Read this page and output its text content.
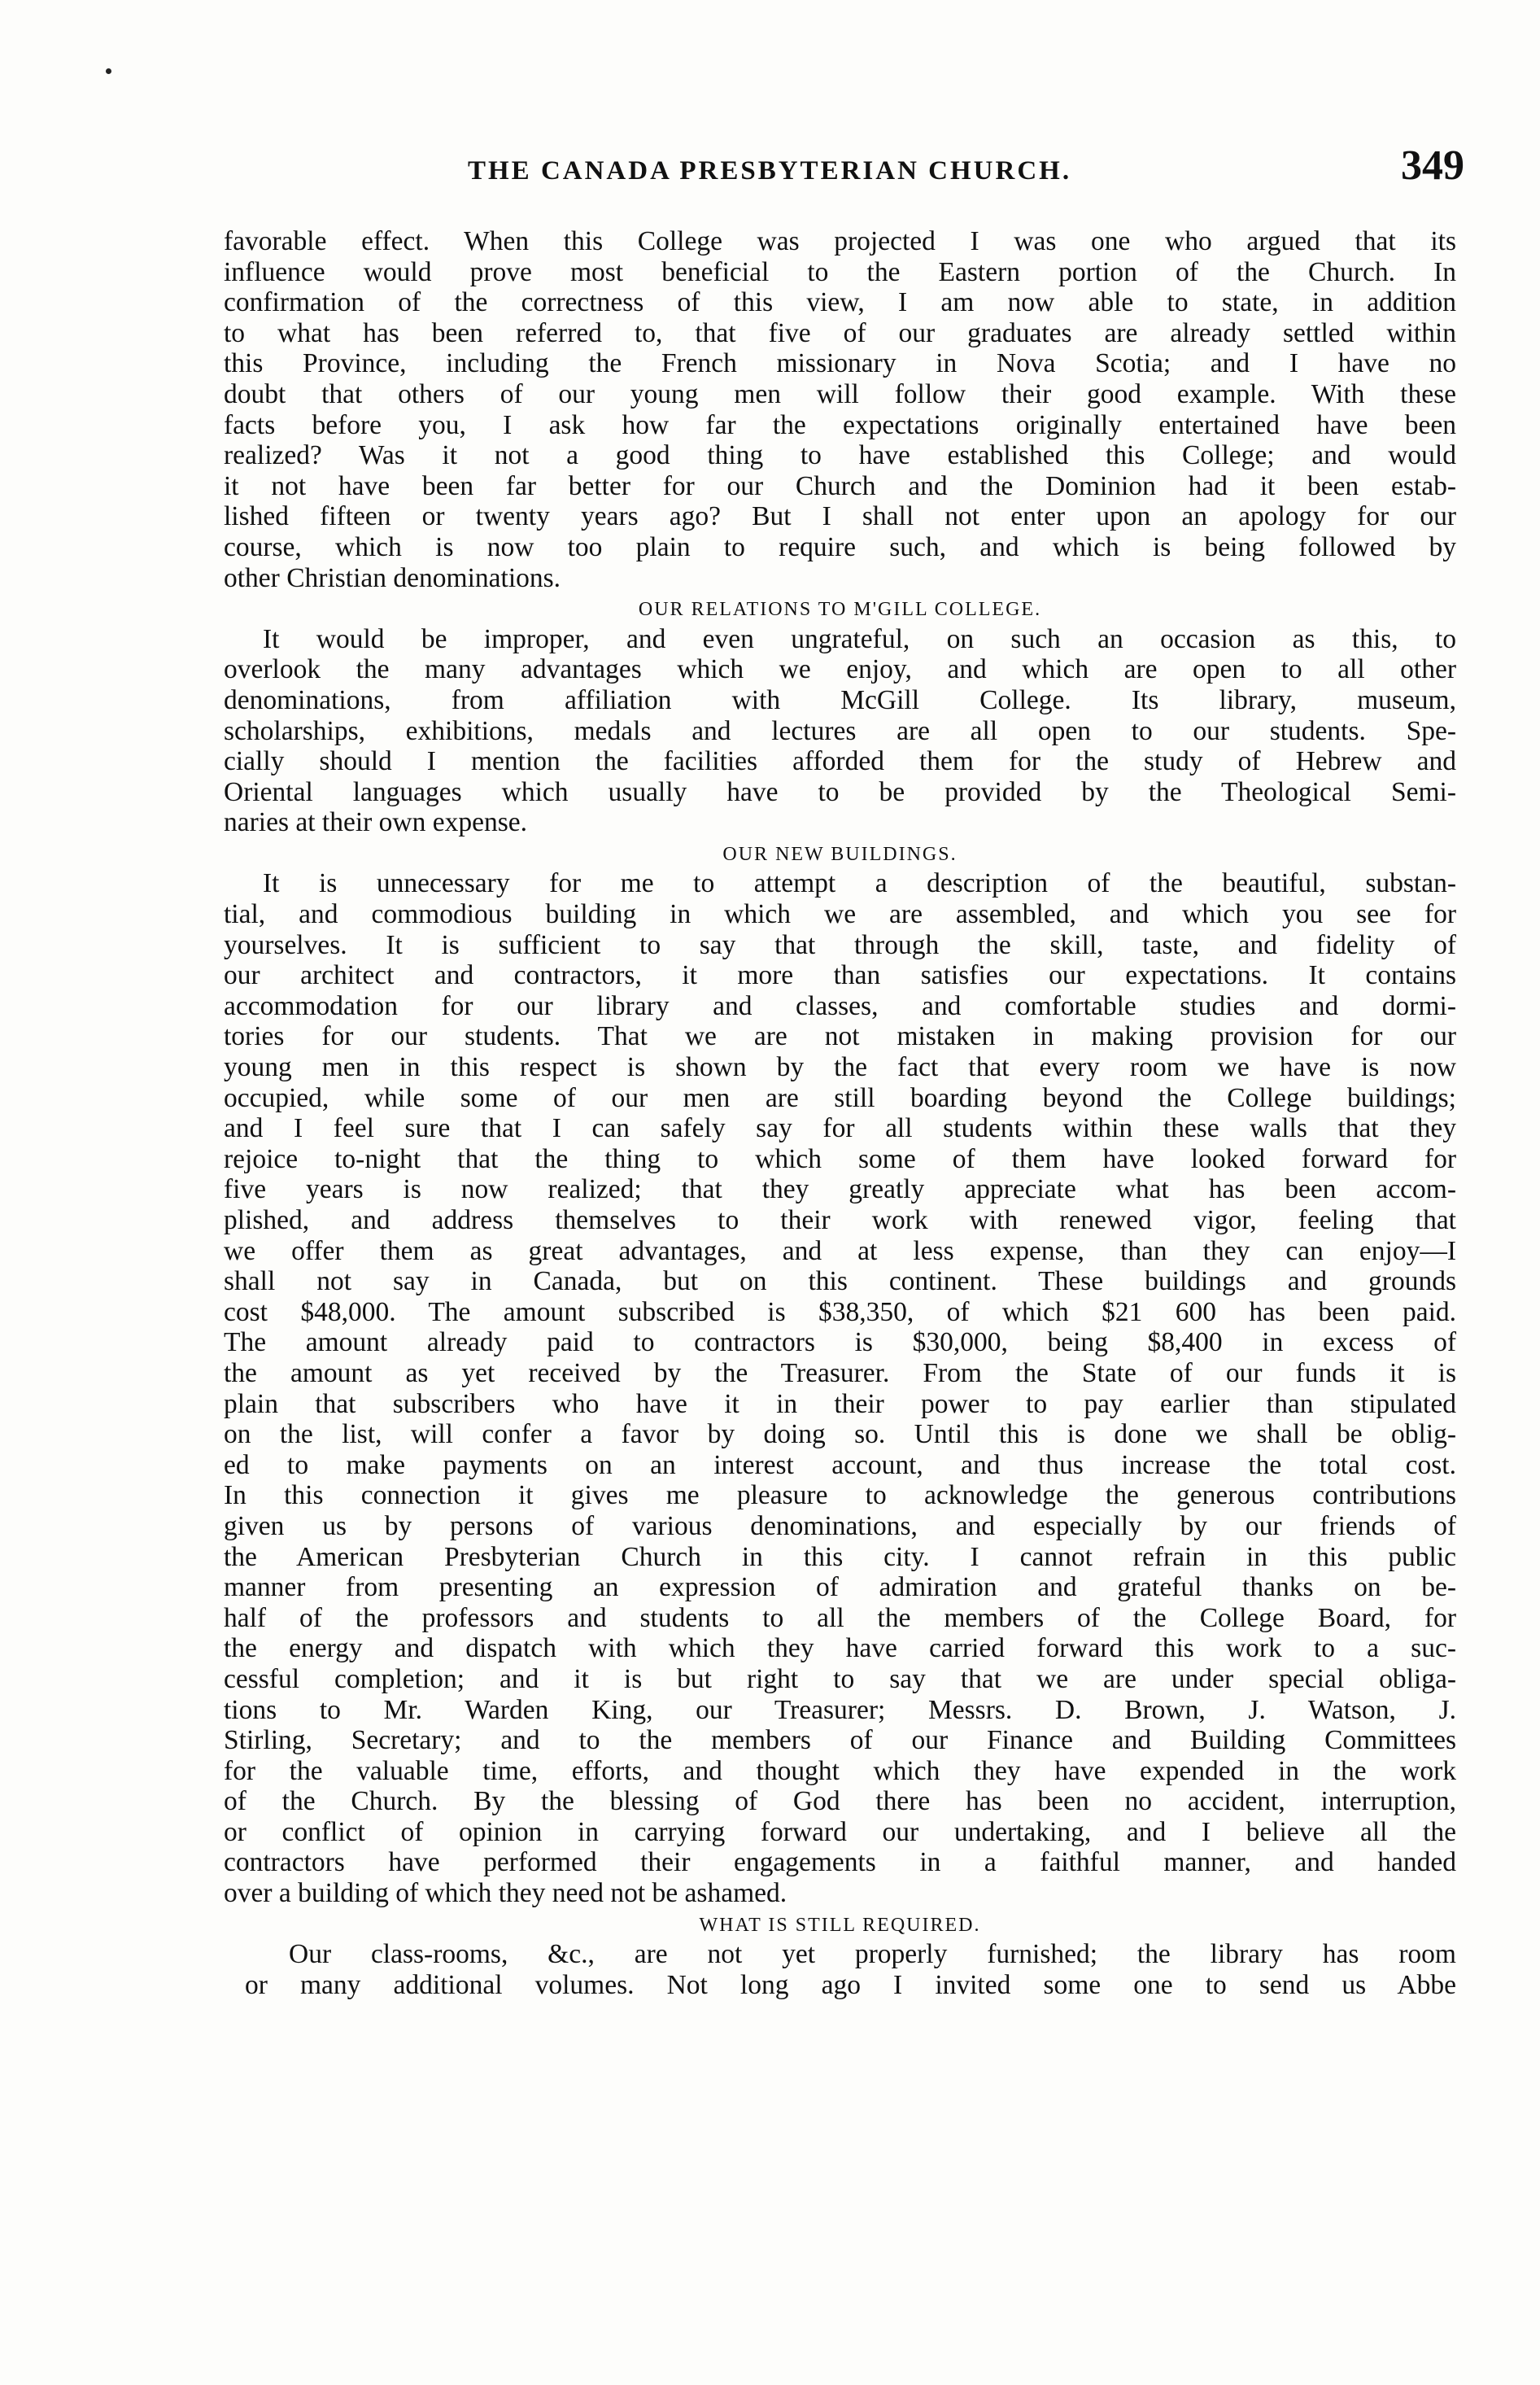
THE CANADA PRESBYTERIAN CHURCH.	349
favorable effect. When this College was projected I was one who argued that its
influence would prove most beneficial to the Eastern portion of the Church. In
confirmation of the correctness of this view, I am now able to state, in addition
to what has been referred to, that five of our graduates are already settled within
this Province, including the French missionary in Nova Scotia; and I have no
doubt that others of our young men will follow their good example. With these
facts before you, I ask how far the expectations originally entertained have been
realized? Was it not a good thing to have established this College; and would
it not have been far better for our Church and the Dominion had it been estab-
lished fifteen or twenty years ago? But I shall not enter upon an apology for our
course, which is now too plain to require such, and which is being followed by
other Christian denominations.
OUR RELATIONS TO M'GILL COLLEGE.
It would be improper, and even ungrateful, on such an occasion as this, to
overlook the many advantages which we enjoy, and which are open to all other
denominations, from affiliation with McGill College. Its library, museum,
scholarships, exhibitions, medals and lectures are all open to our students. Spe-
cially should I mention the facilities afforded them for the study of Hebrew and
Oriental languages which usually have to be provided by the Theological Semi-
naries at their own expense.
OUR NEW BUILDINGS.
It is unnecessary for me to attempt a description of the beautiful, substan-
tial, and commodious building in which we are assembled, and which you see for
yourselves. It is sufficient to say that through the skill, taste, and fidelity of
our architect and contractors, it more than satisfies our expectations. It contains
accommodation for our library and classes, and comfortable studies and dormi-
tories for our students. That we are not mistaken in making provision for our
young men in this respect is shown by the fact that every room we have is now
occupied, while some of our men are still boarding beyond the College buildings;
and I feel sure that I can safely say for all students within these walls that they
rejoice to-night that the thing to which some of them have looked forward for
five years is now realized; that they greatly appreciate what has been accom-
plished, and address themselves to their work with renewed vigor, feeling that
we offer them as great advantages, and at less expense, than they can enjoy—I
shall not say in Canada, but on this continent. These buildings and grounds
cost $48,000. The amount subscribed is $38,350, of which $21 600 has been paid.
The amount already paid to contractors is $30,000, being $8,400 in excess of
the amount as yet received by the Treasurer. From the State of our funds it is
plain that subscribers who have it in their power to pay earlier than stipulated
on the list, will confer a favor by doing so. Until this is done we shall be oblig-
ed to make payments on an interest account, and thus increase the total cost.
In this connection it gives me pleasure to acknowledge the generous contributions
given us by persons of various denominations, and especially by our friends of
the American Presbyterian Church in this city. I cannot refrain in this public
manner from presenting an expression of admiration and grateful thanks on be-
half of the professors and students to all the members of the College Board, for
the energy and dispatch with which they have carried forward this work to a suc-
cessful completion; and it is but right to say that we are under special obliga-
tions to Mr. Warden King, our Treasurer; Messrs. D. Brown, J. Watson, J.
Stirling, Secretary; and to the members of our Finance and Building Committees
for the valuable time, efforts, and thought which they have expended in the work
of the Church. By the blessing of God there has been no accident, interruption,
or conflict of opinion in carrying forward our undertaking, and I believe all the
contractors have performed their engagements in a faithful manner, and handed
over a building of which they need not be ashamed.
WHAT IS STILL REQUIRED.
Our class-rooms, &c., are not yet properly furnished; the library has room
or many additional volumes. Not long ago I invited some one to send us Abbe
